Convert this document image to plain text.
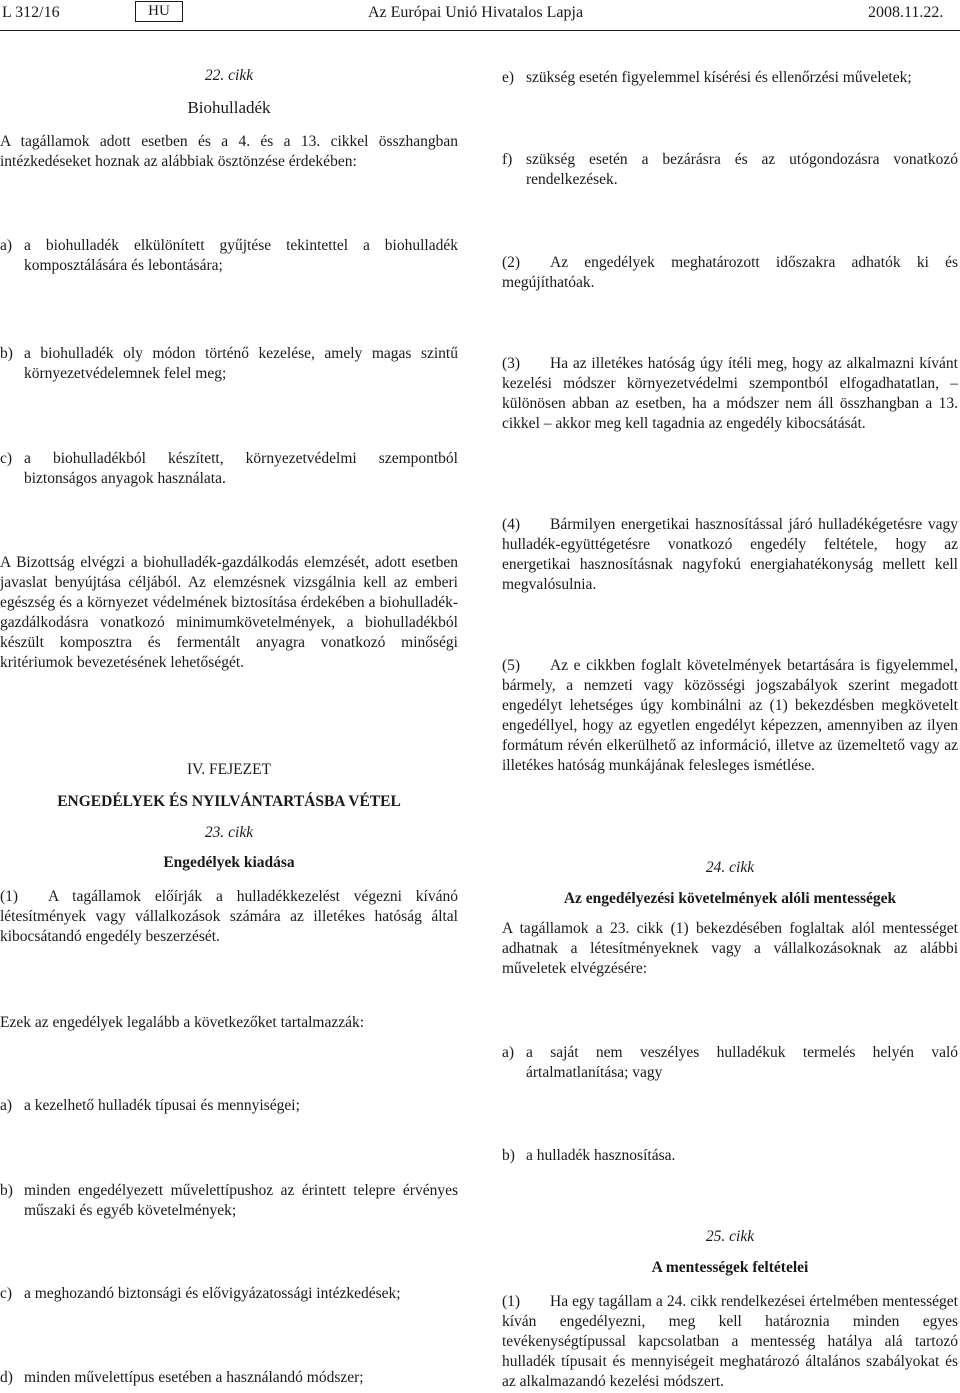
L 312/16	HU	Az Európai Unió Hivatalos Lapja	2008.11.22.
22. cikk
Biohulladék

A tagállamok adott esetben és a 4. és a 13. cikkel összhangban intézkedéseket hoznak az alábbiak ösztönzése érdekében:

a) a biohulladék elkülönített gyűjtése tekintettel a biohulladék komposztálására és lebontására;

b) a biohulladék oly módon történő kezelése, amely magas szintű környezetvédelemnek felel meg;

c) a biohulladékból készített, környezetvédelmi szempontból biztonságos anyagok használata.

A Bizottság elvégzi a biohulladék-gazdálkodás elemzését, adott esetben javaslat benyújtása céljából. Az elemzésnek vizsgálnia kell az emberi egészség és a környezet védelmének biztosítása érdekében a biohulladék-gazdálkodásra vonatkozó minimumkövetelmények, a biohulladékból készült komposztra és fermentált anyagra vonatkozó minőségi kritériumok bevezetésének lehetőségét.

IV. FEJEZET
ENGEDÉLYEK ÉS NYILVÁNTARTÁSBA VÉTEL
23. cikk
Engedélyek kiadása

A tagállamok előírják a hulladékkezelést végezni kívánó létesítmények vagy vállalkozások számára az illetékes hatóság által kibocsátandó engedély beszerzését.

(1)

Ezek az engedélyek legalább a következőket tartalmazzák:

a) a kezelhető hulladék típusai és mennyiségei;

b) minden engedélyezett művelettípushoz az érintett telepre érvényes műszaki és egyéb követelmények;

c) a meghozandó biztonsági és elővigyázatossági intézkedések;

d) minden művelettípus esetében a használandó módszer;

e) szükség esetén figyelemmel kísérési és ellenőrzési műveletek;

f) szükség esetén a bezárásra és az utógondozásra vonatkozó rendelkezések.

Az engedélyek meghatározott időszakra adhatók ki és megújíthatóak.

(2)

Ha az illetékes hatóság úgy ítéli meg, hogy az alkalmazni kívánt kezelési módszer környezetvédelmi szempontból elfogadhatatlan, – különösen abban az esetben, ha a módszer nem áll összhangban a 13. cikkel – akkor meg kell tagadnia az engedély kibocsátását.

(3)

Bármilyen energetikai hasznosítással járó hulladékégetésre vagy hulladék-együttégetésre vonatkozó engedély feltétele, hogy az energetikai hasznosításnak nagyfokú energiahatékonyság mellett kell megvalósulnia.

(4)

Az e cikkben foglalt követelmények betartására is figyelemmel, bármely, a nemzeti vagy közösségi jogszabályok szerint megadott engedélyt lehetséges úgy kombinálni az (1) bekezdésben megkövetelt engedéllyel, hogy az egyetlen engedélyt képezzen, amennyiben az ilyen formátum révén elkerülhető az információ, illetve az üzemeltető vagy az illetékes hatóság munkájának felesleges ismétlése.

(5)
24. cikk
Az engedélyezési követelmények alóli mentességek

A tagállamok a 23. cikk (1) bekezdésében foglaltak alól mentességet adhatnak a létesítményeknek vagy a vállalkozásoknak az alábbi műveletek elvégzésére:

a) a saját nem veszélyes hulladékuk termelés helyén való ártalmatlanítása; vagy

b) a hulladék hasznosítása.

25. cikk
A mentességek feltételei

Ha egy tagállam a 24. cikk rendelkezései értelmében mentességet kíván engedélyezni, meg kell határoznia minden egyes tevékenységtípussal kapcsolatban a mentesség hatálya alá tartozó hulladék típusait és mennyiségeit meghatározó általános szabályokat és az alkalmazandó kezelési módszert.

(1)
